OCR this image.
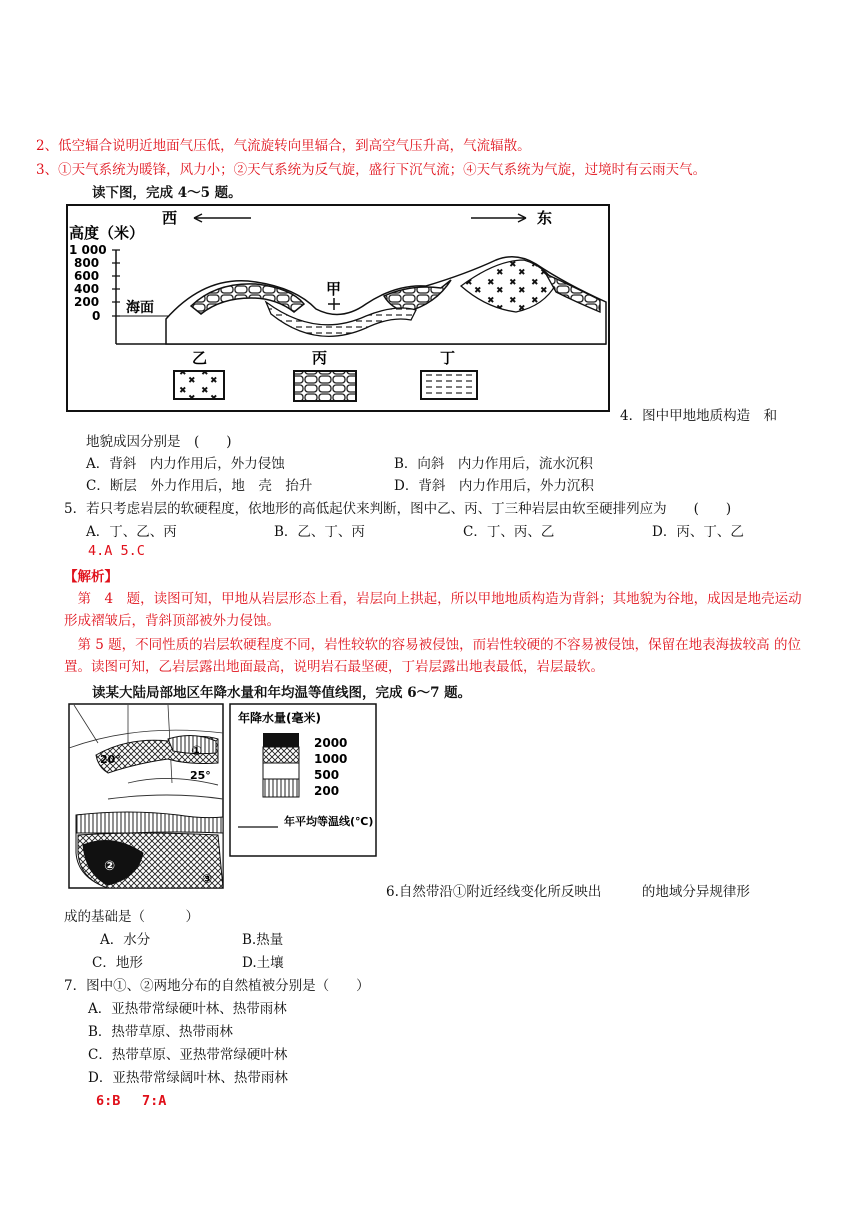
2、低空辐合说明近地面气压低，气流旋转向里辐合，到高空气压升高，气流辐散。
3、①天气系统为暖锋，风力小；②天气系统为反气旋，盛行下沉气流；④天气系统为气旋，过境时有云雨天气。
读下图，完成 4～5 题。
西	东
高度（米）
1 000
800
600
400
200
0 海面
甲
乙	丙	丁
4．图中甲地地质构造　和
地貌成因分别是　(　　)
A．背斜　内力作用后，外力侵蚀	B．向斜　内力作用后，流水沉积
C．断层　外力作用后，地　壳　抬升	D．背斜　内力作用后，外力沉积
5．若只考虑岩层的软硬程度，依地形的高低起伏来判断，图中乙、丙、丁三种岩层由软至硬排列应为　　(　　)
A．丁、乙、丙	B．乙、丁、丙	C．丁、丙、乙	D．丙、丁、乙
4.A 5.C
【解析】
　第　4　题，读图可知，甲地从岩层形态上看，岩层向上拱起，所以甲地地质构造为背斜；其地貌为谷地，成因是地壳运动形成褶皱后，背斜顶部被外力侵蚀。
　第 5 题，不同性质的岩层软硬程度不同，岩性较软的容易被侵蚀，而岩性较硬的不容易被侵蚀，保留在地表海拔较高 的位置。读图可知，乙岩层露出地面最高，说明岩石最坚硬，丁岩层露出地表最低，岩层最软。
读某大陆局部地区年降水量和年均温等值线图，完成 6～7 题。
20°
25°
①
②
③
年降水量(毫米)
2000
1000
500
200
年平均等温线(℃)
6.自然带沿①附近经线变化所反映出　　　的地域分异规律形
成的基础是（　　　）
A．水分	B.热量
C．地形	D.土壤
7．图中①、②两地分布的自然植被分别是（　　）
A．亚热带常绿硬叶林、热带雨林
B．热带草原、热带雨林
C．热带草原、亚热带常绿硬叶林
D．亚热带常绿阔叶林、热带雨林
6:B　 7:A
